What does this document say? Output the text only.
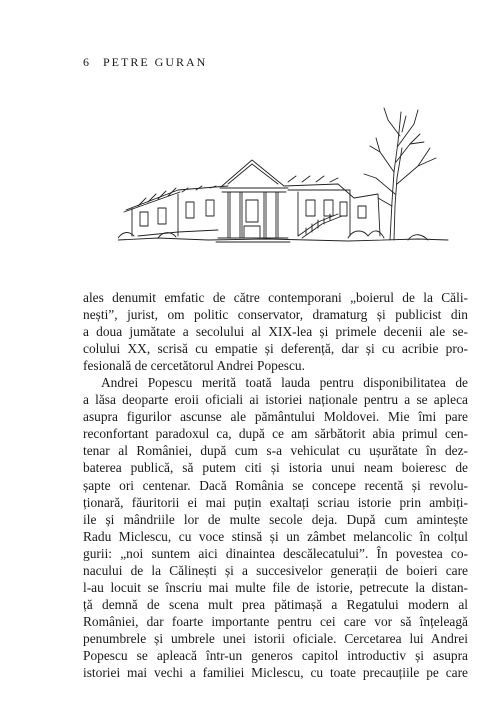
6 PETRE GURAN
ales denumit emfatic de către contemporani „boierul de la Căli-
nești”, jurist, om politic conservator, dramaturg și publicist din
a doua jumătate a secolului al XIX-lea și primele decenii ale se-
colului XX, scrisă cu empatie și deferență, dar și cu acribie pro-
fesională de cercetătorul Andrei Popescu.
Andrei Popescu merită toată lauda pentru disponibilitatea de
a lăsa deoparte eroii oficiali ai istoriei naționale pentru a se apleca
asupra figurilor ascunse ale pământului Moldovei. Mie îmi pare
reconfortant paradoxul ca, după ce am sărbătorit abia primul cen-
tenar al României, după cum s-a vehiculat cu ușurătate în dez-
baterea publică, să putem citi și istoria unui neam boieresc de
șapte ori centenar. Dacă România se concepe recentă și revolu-
ționară, făuritorii ei mai puțin exaltați scriau istorie prin ambiți-
ile și mândriile lor de multe secole deja. După cum amintește
Radu Miclescu, cu voce stinsă și un zâmbet melancolic în colțul
gurii: „noi suntem aici dinaintea descălecatului”. În povestea co-
nacului de la Călinești și a succesivelor generații de boieri care
l-au locuit se înscriu mai multe file de istorie, petrecute la distan-
ță demnă de scena mult prea pătimașă a Regatului modern al
României, dar foarte importante pentru cei care vor să înțeleagă
penumbrele și umbrele unei istorii oficiale. Cercetarea lui Andrei
Popescu se apleacă într-un generos capitol introductiv și asupra
istoriei mai vechi a familiei Miclescu, cu toate precauțiile pe care
